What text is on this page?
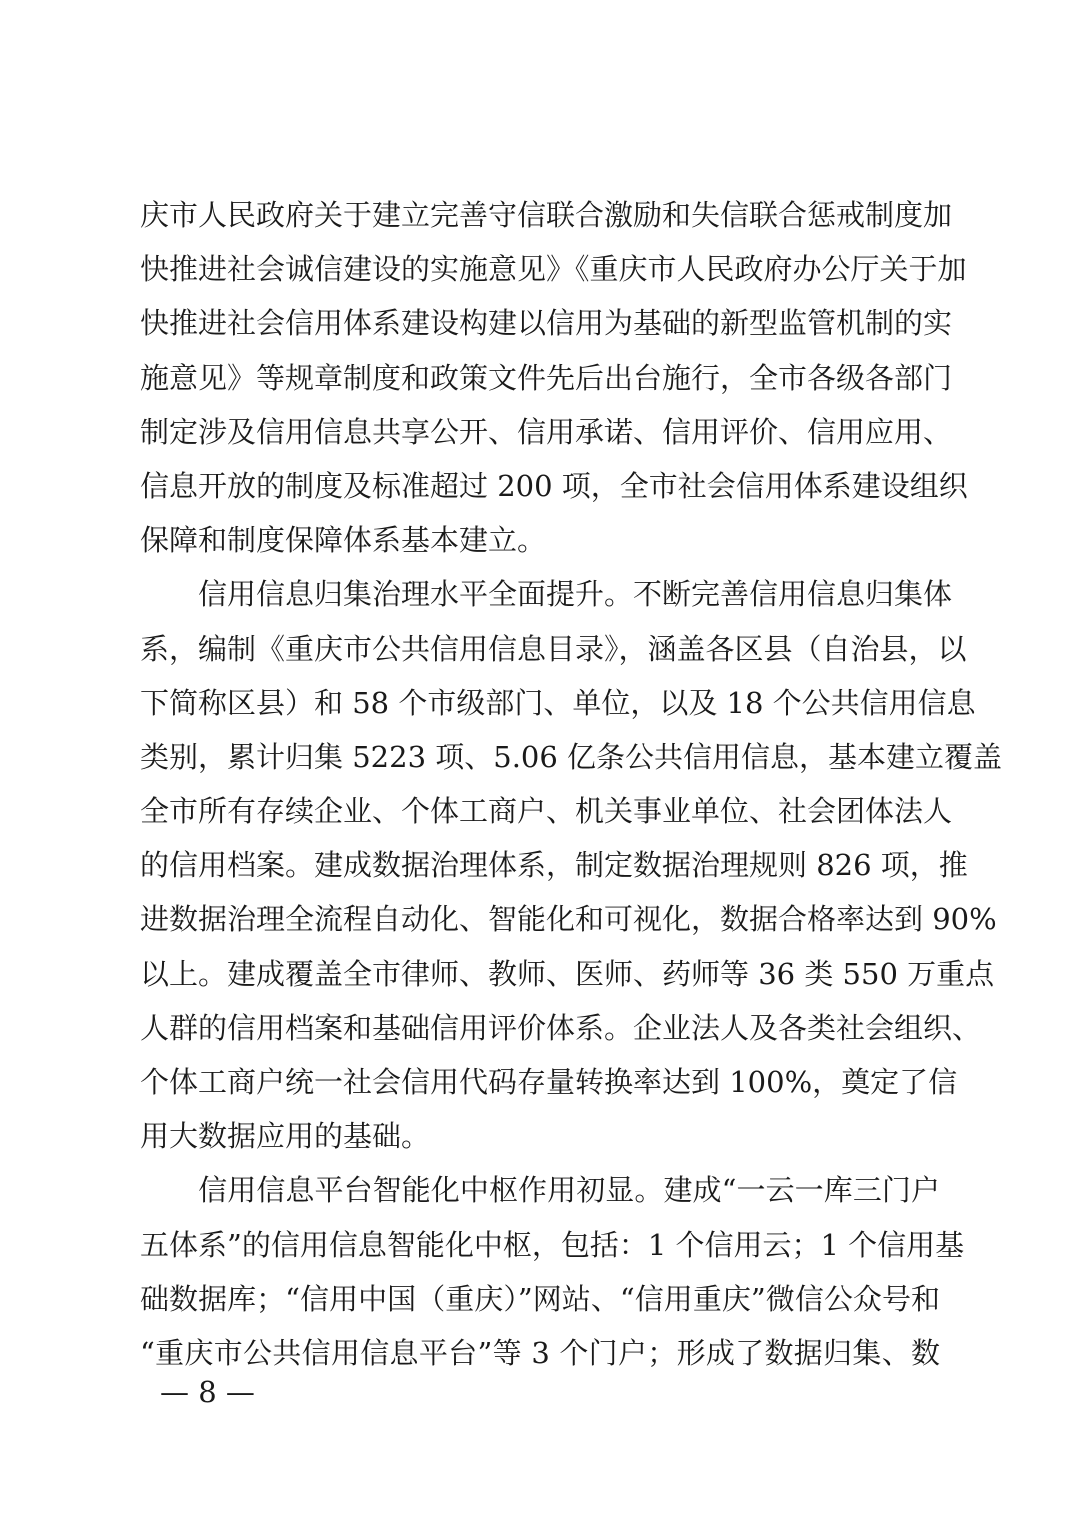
庆市人民政府关于建立完善守信联合激励和失信联合惩戒制度加
快推进社会诚信建设的实施意见》《重庆市人民政府办公厅关于加
快推进社会信用体系建设构建以信用为基础的新型监管机制的实
施意见》等规章制度和政策文件先后出台施行，全市各级各部门
制定涉及信用信息共享公开、信用承诺、信用评价、信用应用、
信息开放的制度及标准超过 200 项，全市社会信用体系建设组织
保障和制度保障体系基本建立。
　　信用信息归集治理水平全面提升。不断完善信用信息归集体
系，编制《重庆市公共信用信息目录》，涵盖各区县（自治县，以
下简称区县）和 58 个市级部门、单位，以及 18 个公共信用信息
类别，累计归集 5223 项、5.06 亿条公共信用信息，基本建立覆盖
全市所有存续企业、个体工商户、机关事业单位、社会团体法人
的信用档案。建成数据治理体系，制定数据治理规则 826 项，推
进数据治理全流程自动化、智能化和可视化，数据合格率达到 90%
以上。建成覆盖全市律师、教师、医师、药师等 36 类 550 万重点
人群的信用档案和基础信用评价体系。企业法人及各类社会组织、
个体工商户统一社会信用代码存量转换率达到 100%，奠定了信
用大数据应用的基础。
　　信用信息平台智能化中枢作用初显。建成“一云一库三门户
五体系”的信用信息智能化中枢，包括：1 个信用云；1 个信用基
础数据库；“信用中国（重庆）”网站、“信用重庆”微信公众号和
“重庆市公共信用信息平台”等 3 个门户；形成了数据归集、数
— 8 —
